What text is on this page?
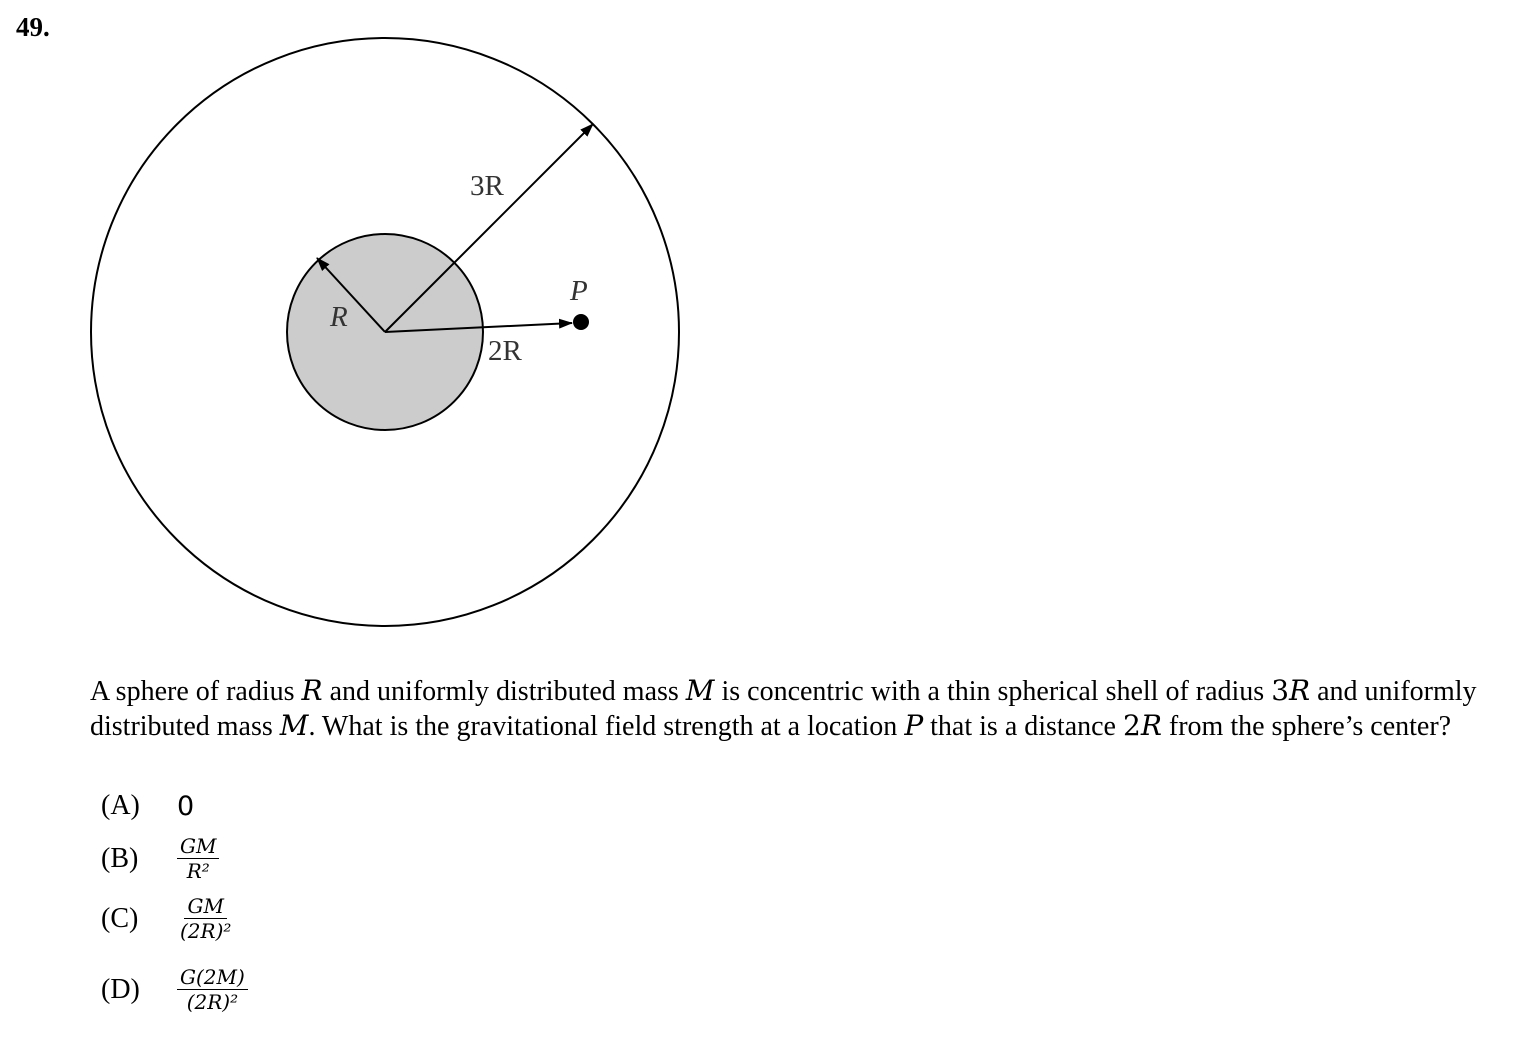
49.
3R
R
2R
P
A sphere of radius R and uniformly distributed mass M is concentric with a thin spherical shell of radius 3R and uniformly distributed mass M. What is the gravitational field strength at a location P that is a distance 2R from the sphere’s center?
(A)	0
(B)	$\frac{GM}{\text{R²}}$
(C)	$\frac{GM}{\text{(2R)²}}$
(D)	$\frac{G(2M)}{\text{(2R)²}}$
